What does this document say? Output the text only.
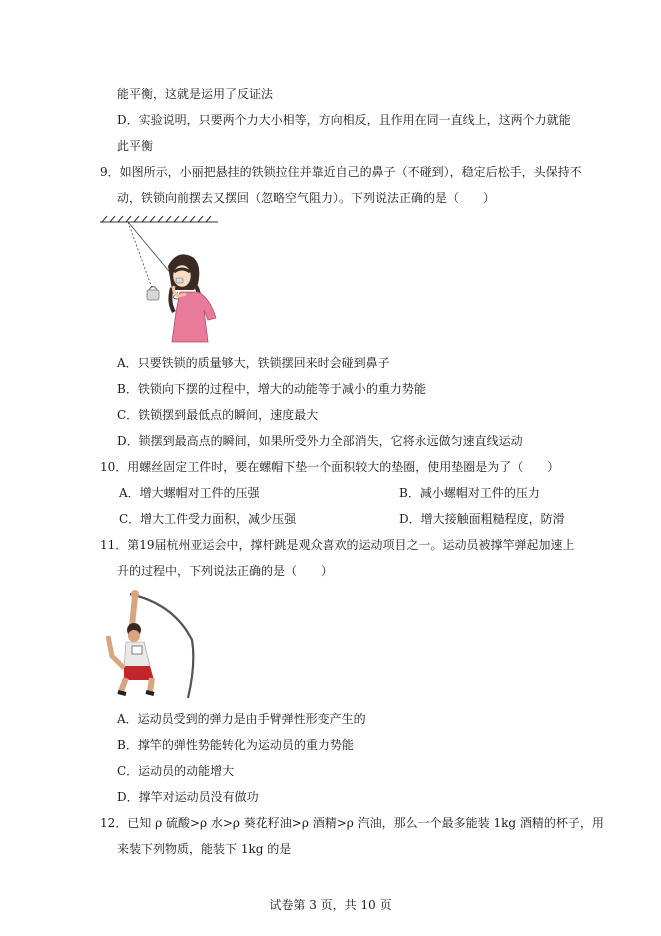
能平衡，这就是运用了反证法
D．实验说明，只要两个力大小相等，方向相反，且作用在同一直线上，这两个力就能
此平衡
9．如图所示，小丽把悬挂的铁锁拉住并靠近自己的鼻子（不碰到），稳定后松手，头保持不
动，铁锁向前摆去又摆回（忽略空气阻力）。下列说法正确的是（　　）
A．只要铁锁的质量够大，铁锁摆回来时会碰到鼻子
B．铁锁向下摆的过程中，增大的动能等于减小的重力势能
C．铁锁摆到最低点的瞬间，速度最大
D．锁摆到最高点的瞬间，如果所受外力全部消失，它将永远做匀速直线运动
10．用螺丝固定工件时，要在螺帽下垫一个面积较大的垫圈，使用垫圈是为了（　　）
A．增大螺帽对工件的压强	B．减小螺帽对工件的压力
C．增大工件受力面积，减少压强	D．增大接触面粗糙程度，防滑
11．第19届杭州亚运会中，撑杆跳是观众喜欢的运动项目之一。运动员被撑竿弹起加速上
升的过程中，下列说法正确的是（　　）
A．运动员受到的弹力是由手臂弹性形变产生的
B．撑竿的弹性势能转化为运动员的重力势能
C．运动员的动能增大
D．撑竿对运动员没有做功
12．已知 ρ 硫酸>ρ 水>ρ 葵花籽油>ρ 酒精>ρ 汽油，那么一个最多能装 1kg 酒精的杯子，用
来装下列物质，能装下 1kg 的是
试卷第 3 页，共 10 页
